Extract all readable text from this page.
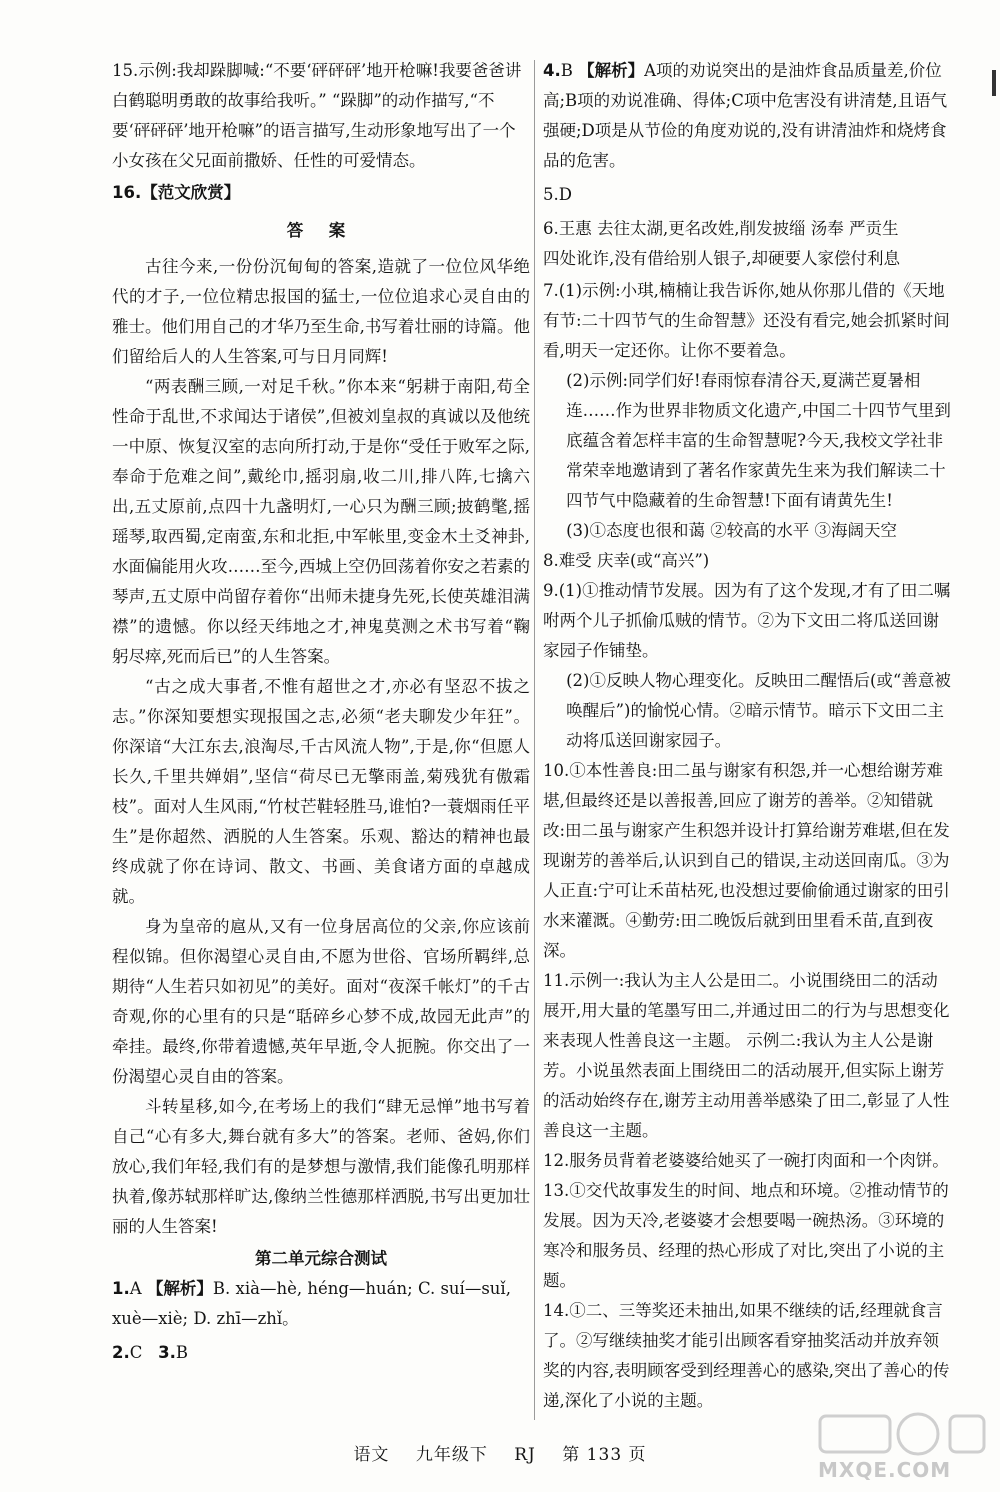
15.示例:我却跺脚喊:“不要‘砰砰砰’地开枪嘛!我要爸爸讲白鹤聪明勇敢的故事给我听。” “跺脚”的动作描写,“不要‘砰砰砰’地开枪嘛”的语言描写,生动形象地写出了一个小女孩在父兄面前撒娇、任性的可爱情态。

16.【范文欣赏】

答 案

古往今来,一份份沉甸甸的答案,造就了一位位风华绝代的才子,一位位精忠报国的猛士,一位位追求心灵自由的雅士。他们用自己的才华乃至生命,书写着壮丽的诗篇。他们留给后人的人生答案,可与日月同辉!

“两表酬三顾,一对足千秋。”你本来“躬耕于南阳,苟全性命于乱世,不求闻达于诸侯”,但被刘皇叔的真诚以及他统一中原、恢复汉室的志向所打动,于是你“受任于败军之际,奉命于危难之间”,戴纶巾,摇羽扇,收二川,排八阵,七擒六出,五丈原前,点四十九盏明灯,一心只为酬三顾;披鹤氅,摇瑶琴,取西蜀,定南蛮,东和北拒,中军帐里,变金木土爻神卦,水面偏能用火攻……至今,西城上空仍回荡着你安之若素的琴声,五丈原中尚留存着你“出师未捷身先死,长使英雄泪满襟”的遗憾。你以经天纬地之才,神鬼莫测之术书写着“鞠躬尽瘁,死而后已”的人生答案。

“古之成大事者,不惟有超世之才,亦必有坚忍不拔之志。”你深知要想实现报国之志,必须“老夫聊发少年狂”。你深谙“大江东去,浪淘尽,千古风流人物”,于是,你“但愿人长久,千里共婵娟”,坚信“荷尽已无擎雨盖,菊残犹有傲霜枝”。面对人生风雨,“竹杖芒鞋轻胜马,谁怕?一蓑烟雨任平生”是你超然、洒脱的人生答案。乐观、豁达的精神也最终成就了你在诗词、散文、书画、美食诸方面的卓越成就。

身为皇帝的扈从,又有一位身居高位的父亲,你应该前程似锦。但你渴望心灵自由,不愿为世俗、官场所羁绊,总期待“人生若只如初见”的美好。面对“夜深千帐灯”的千古奇观,你的心里有的只是“聒碎乡心梦不成,故园无此声”的牵挂。最终,你带着遗憾,英年早逝,令人扼腕。你交出了一份渴望心灵自由的答案。

斗转星移,如今,在考场上的我们“肆无忌惮”地书写着自己“心有多大,舞台就有多大”的答案。老师、爸妈,你们放心,我们年轻,我们有的是梦想与激情,我们能像孔明那样执着,像苏轼那样旷达,像纳兰性德那样洒脱,书写出更加壮丽的人生答案!

第二单元综合测试

1.A 【解析】B. xià—hè, héng—huán; C. suí—suǐ, xuè—xiè; D. zhī—zhǐ。

2.C 3.B

4.B 【解析】A项的劝说突出的是油炸食品质量差,价位高;B项的劝说准确、得体;C项中危害没有讲清楚,且语气强硬;D项是从节俭的角度劝说的,没有讲清油炸和烧烤食品的危害。

5.D

6.王惠 去往太湖,更名改姓,削发披缁 汤奉 严贡生

四处讹诈,没有借给别人银子,却硬要人家偿付利息

7.(1)示例:小琪,楠楠让我告诉你,她从你那儿借的《天地有节:二十四节气的生命智慧》还没有看完,她会抓紧时间看,明天一定还你。让你不要着急。

(2)示例:同学们好!春雨惊春清谷天,夏满芒夏暑相连……作为世界非物质文化遗产,中国二十四节气里到底蕴含着怎样丰富的生命智慧呢?今天,我校文学社非常荣幸地邀请到了著名作家黄先生来为我们解读二十四节气中隐藏着的生命智慧!下面有请黄先生!

(3)①态度也很和蔼 ②较高的水平 ③海阔天空

8.难受 庆幸(或“高兴”)

9.(1)①推动情节发展。因为有了这个发现,才有了田二嘱咐两个儿子抓偷瓜贼的情节。②为下文田二将瓜送回谢家园子作铺垫。

(2)①反映人物心理变化。反映田二醒悟后(或“善意被唤醒后”)的愉悦心情。②暗示情节。暗示下文田二主动将瓜送回谢家园子。

10.①本性善良:田二虽与谢家有积怨,并一心想给谢芳难堪,但最终还是以善报善,回应了谢芳的善举。②知错就改:田二虽与谢家产生积怨并设计打算给谢芳难堪,但在发现谢芳的善举后,认识到自己的错误,主动送回南瓜。③为人正直:宁可让禾苗枯死,也没想过要偷偷通过谢家的田引水来灌溉。④勤劳:田二晚饭后就到田里看禾苗,直到夜深。

11.示例一:我认为主人公是田二。小说围绕田二的活动展开,用大量的笔墨写田二,并通过田二的行为与思想变化来表现人性善良这一主题。 示例二:我认为主人公是谢芳。小说虽然表面上围绕田二的活动展开,但实际上谢芳的活动始终存在,谢芳主动用善举感染了田二,彰显了人性善良这一主题。

12.服务员背着老婆婆给她买了一碗打肉面和一个肉饼。

13.①交代故事发生的时间、地点和环境。②推动情节的发展。因为天冷,老婆婆才会想要喝一碗热汤。③环境的寒冷和服务员、经理的热心形成了对比,突出了小说的主题。

14.①二、三等奖还未抽出,如果不继续的话,经理就食言了。②写继续抽奖才能引出顾客看穿抽奖活动并放弃领奖的内容,表明顾客受到经理善心的感染,突出了善心的传递,深化了小说的主题。

语文 九年级下 RJ 第 133 页
MXQE.COM
